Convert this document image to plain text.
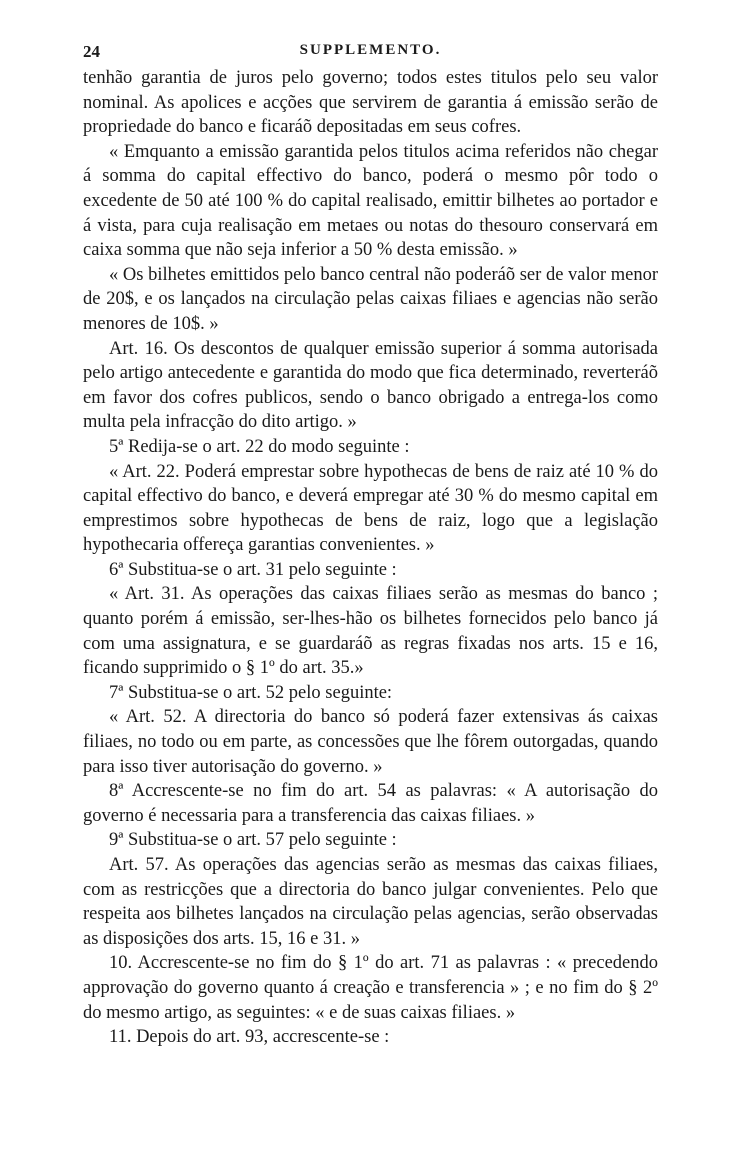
24	SUPPLEMENTO.

tenhão garantia de juros pelo governo; todos estes titulos pelo seu valor nominal. As apolices e acções que servirem de garantia á emissão serão de propriedade do banco e ficaráõ depositadas em seus cofres.

« Emquanto a emissão garantida pelos titulos acima referidos não chegar á somma do capital effectivo do banco, poderá o mesmo pôr todo o excedente de 50 até 100 % do capital realisado, emittir bilhetes ao portador e á vista, para cuja realisação em metaes ou notas do thesouro conservará em caixa somma que não seja inferior a 50 % desta emissão. »

« Os bilhetes emittidos pelo banco central não poderáõ ser de valor menor de 20$, e os lançados na circulação pelas caixas filiaes e agencias não serão menores de 10$. »

Art. 16. Os descontos de qualquer emissão superior á somma autorisada pelo artigo antecedente e garantida do modo que fica determinado, reverteráõ em favor dos cofres publicos, sendo o banco obrigado a entrega-los como multa pela infracção do dito artigo. »

5ª Redija-se o art. 22 do modo seguinte :

« Art. 22. Poderá emprestar sobre hypothecas de bens de raiz até 10 % do capital effectivo do banco, e deverá empregar até 30 % do mesmo capital em emprestimos sobre hypothecas de bens de raiz, logo que a legislação hypothecaria offereça garantias convenientes. »

6ª Substitua-se o art. 31 pelo seguinte :

« Art. 31. As operações das caixas filiaes serão as mesmas do banco ; quanto porém á emissão, ser-lhes-hão os bilhetes fornecidos pelo banco já com uma assignatura, e se guardaráõ as regras fixadas nos arts. 15 e 16, ficando supprimido o § 1º do art. 35.»

7ª Substitua-se o art. 52 pelo seguinte:

« Art. 52. A directoria do banco só poderá fazer extensivas ás caixas filiaes, no todo ou em parte, as concessões que lhe fôrem outorgadas, quando para isso tiver autorisação do governo. »

8ª Accrescente-se no fim do art. 54 as palavras: « A autorisação do governo é necessaria para a transferencia das caixas filiaes. »

9ª Substitua-se o art. 57 pelo seguinte :

Art. 57. As operações das agencias serão as mesmas das caixas filiaes, com as restricções que a directoria do banco julgar convenientes. Pelo que respeita aos bilhetes lançados na circulação pelas agencias, serão observadas as disposições dos arts. 15, 16 e 31. »

10. Accrescente-se no fim do § 1º do art. 71 as palavras : « precedendo approvação do governo quanto á creação e transferencia » ; e no fim do § 2º do mesmo artigo, as seguintes: « e de suas caixas filiaes. »

11. Depois do art. 93, accrescente-se :
